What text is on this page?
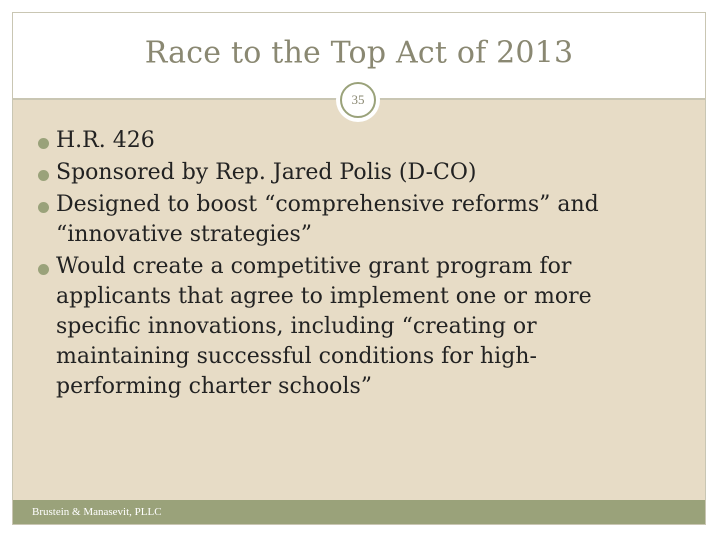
Race to the Top Act of 2013
35
H.R. 426
Sponsored by Rep. Jared Polis (D-CO)
Designed to boost “comprehensive reforms” and “innovative strategies”
Would create a competitive grant program for applicants that agree to implement one or more specific innovations, including “creating or maintaining successful conditions for high-performing charter schools”
Brustein & Manasevit, PLLC
